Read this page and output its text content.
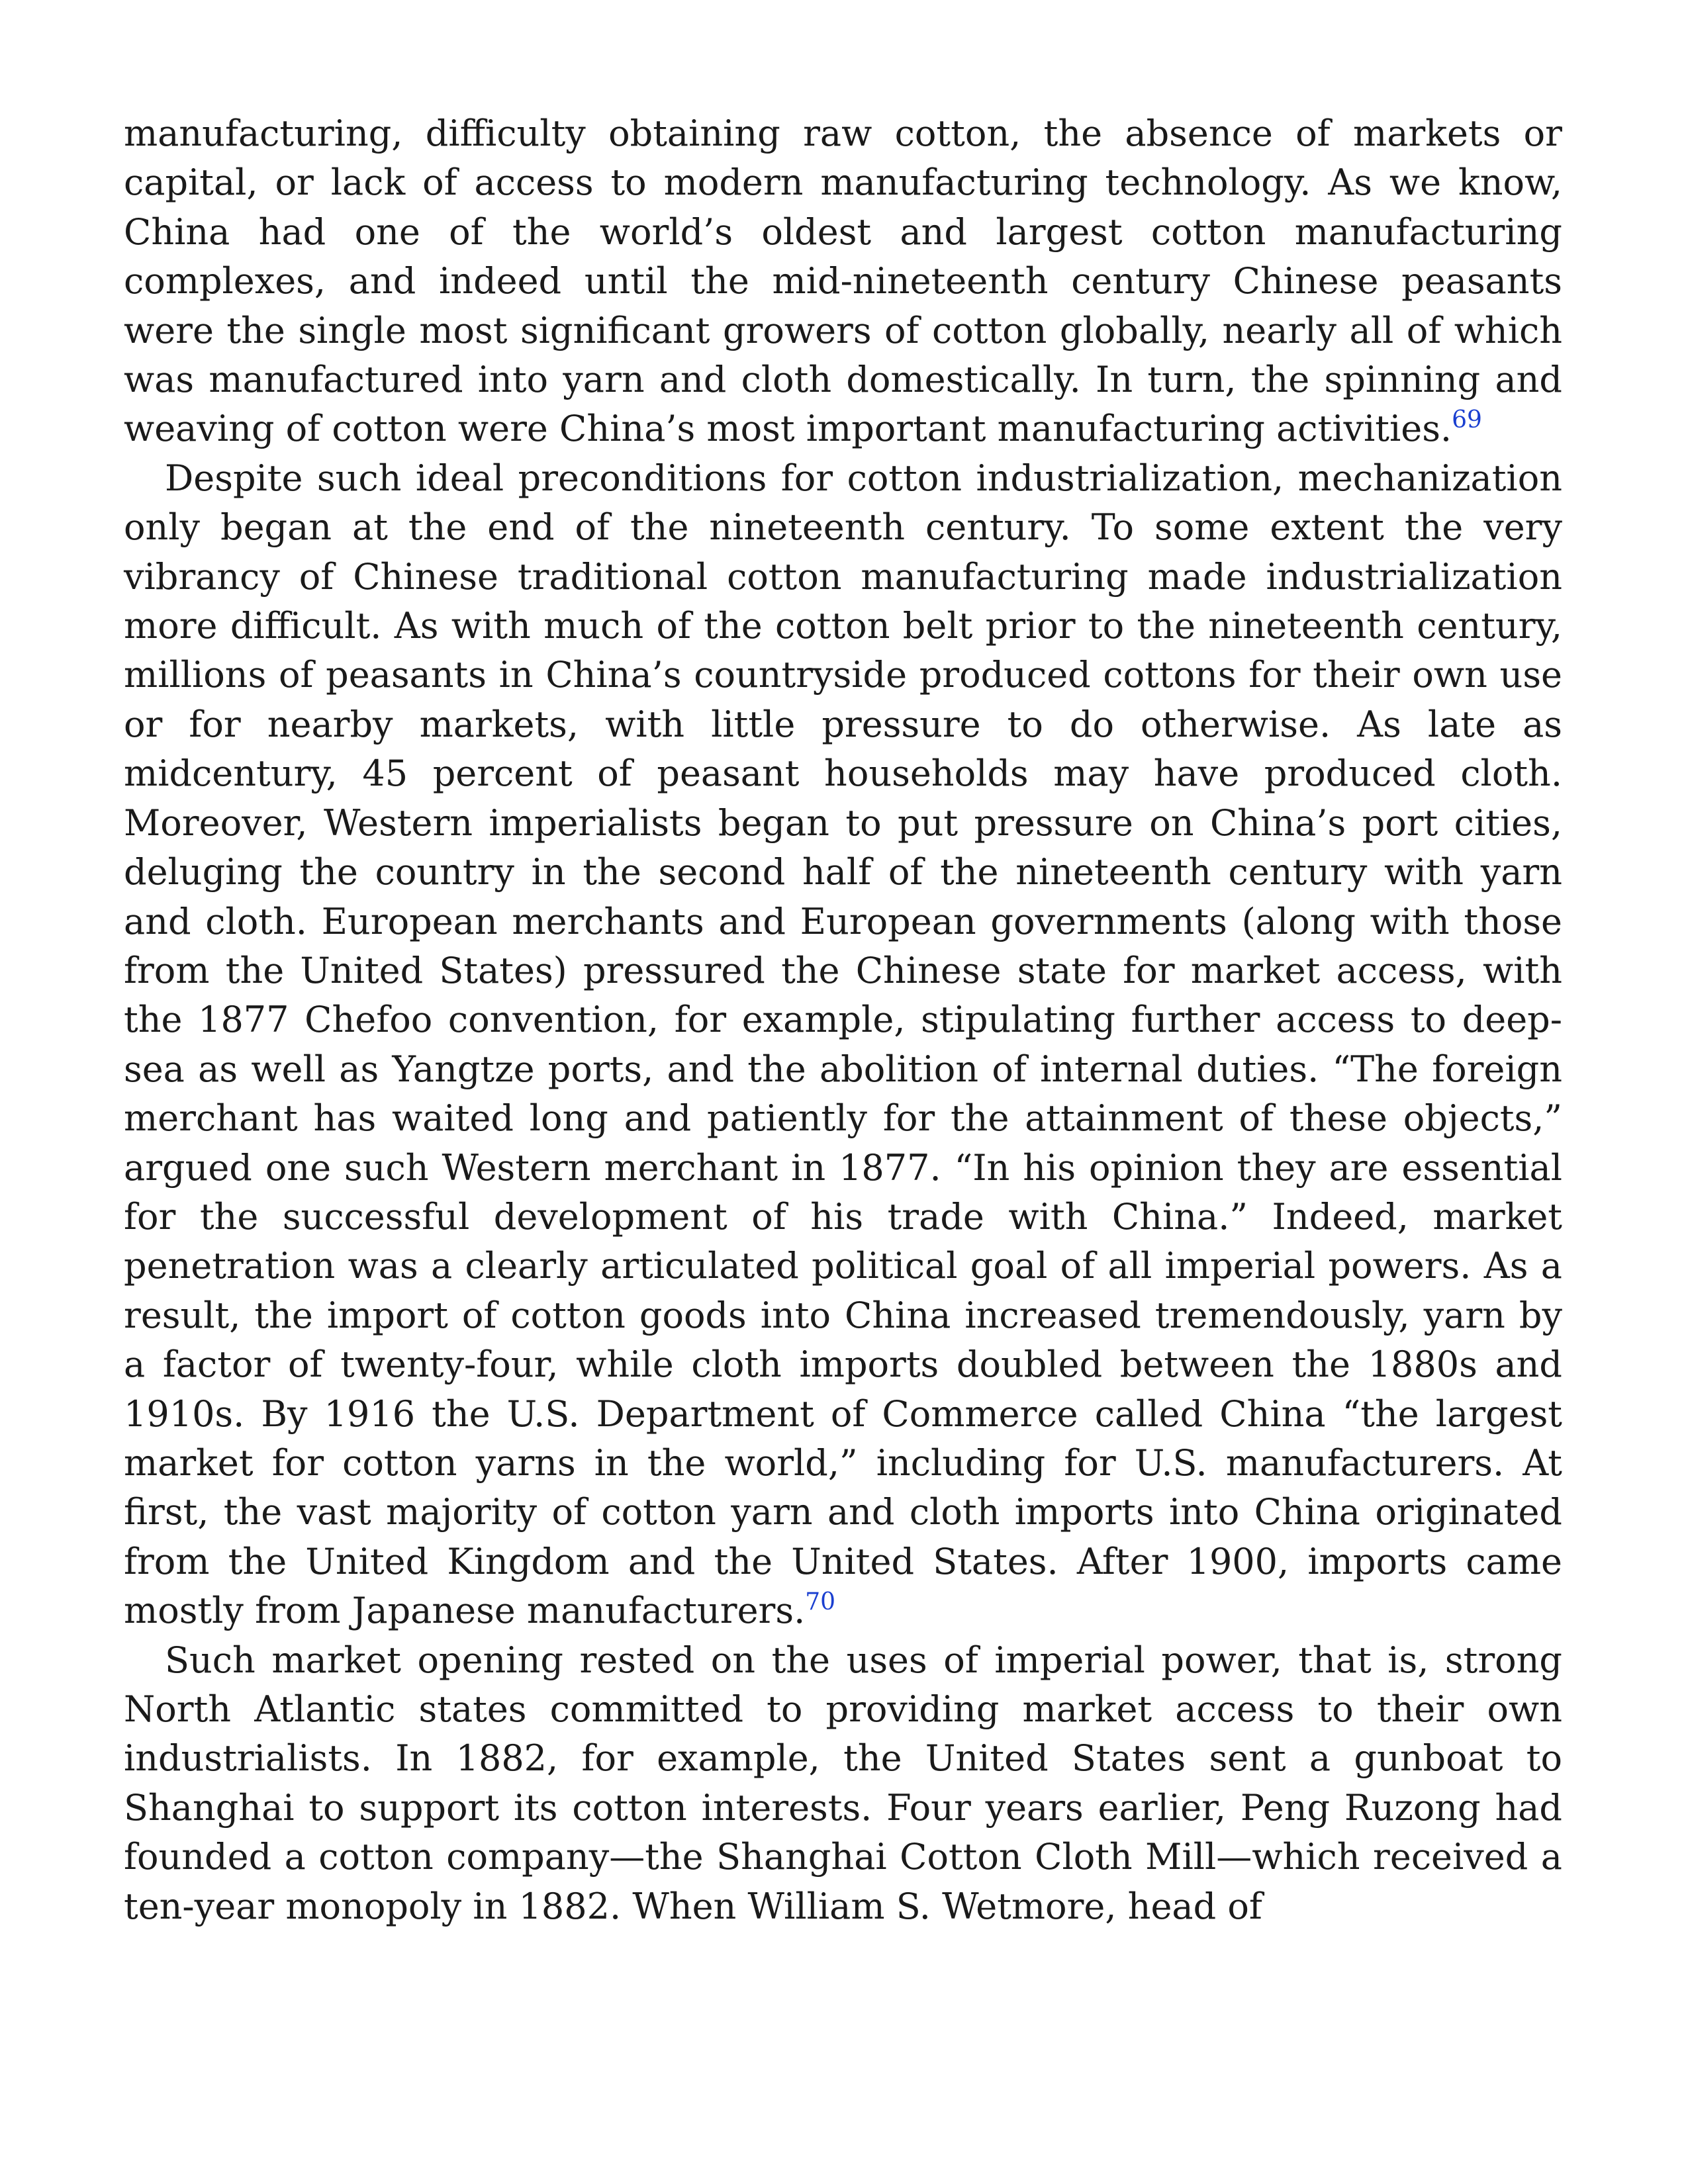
manufacturing, difficulty obtaining raw cotton, the absence of markets or capital, or lack of access to modern manufacturing technology. As we know, China had one of the world’s oldest and largest cotton manufacturing complexes, and indeed until the mid-nineteenth century Chinese peasants were the single most significant growers of cotton globally, nearly all of which was manufactured into yarn and cloth domestically. In turn, the spinning and weaving of cotton were China’s most important manufacturing activities.$^{69}$

Despite such ideal preconditions for cotton industrialization, mechanization only began at the end of the nineteenth century. To some extent the very vibrancy of Chinese traditional cotton manufacturing made industrialization more difficult. As with much of the cotton belt prior to the nineteenth century, millions of peasants in China’s countryside produced cottons for their own use or for nearby markets, with little pressure to do otherwise. As late as midcentury, 45 percent of peasant households may have produced cloth. Moreover, Western imperialists began to put pressure on China’s port cities, deluging the country in the second half of the nineteenth century with yarn and cloth. European merchants and European governments (along with those from the United States) pressured the Chinese state for market access, with the 1877 Chefoo convention, for example, stipulating further access to deep-sea as well as Yangtze ports, and the abolition of internal duties. “The foreign merchant has waited long and patiently for the attainment of these objects,” argued one such Western merchant in 1877. “In his opinion they are essential for the successful development of his trade with China.” Indeed, market penetration was a clearly articulated political goal of all imperial powers. As a result, the import of cotton goods into China increased tremendously, yarn by a factor of twenty-four, while cloth imports doubled between the 1880s and 1910s. By 1916 the U.S. Department of Commerce called China “the largest market for cotton yarns in the world,” including for U.S. manufacturers. At first, the vast majority of cotton yarn and cloth imports into China originated from the United Kingdom and the United States. After 1900, imports came mostly from Japanese manufacturers.$^{70}$

Such market opening rested on the uses of imperial power, that is, strong North Atlantic states committed to providing market access to their own industrialists. In 1882, for example, the United States sent a gunboat to Shanghai to support its cotton interests. Four years earlier, Peng Ruzong had founded a cotton company—the Shanghai Cotton Cloth Mill—which received a ten-year monopoly in 1882. When William S. Wetmore, head of
